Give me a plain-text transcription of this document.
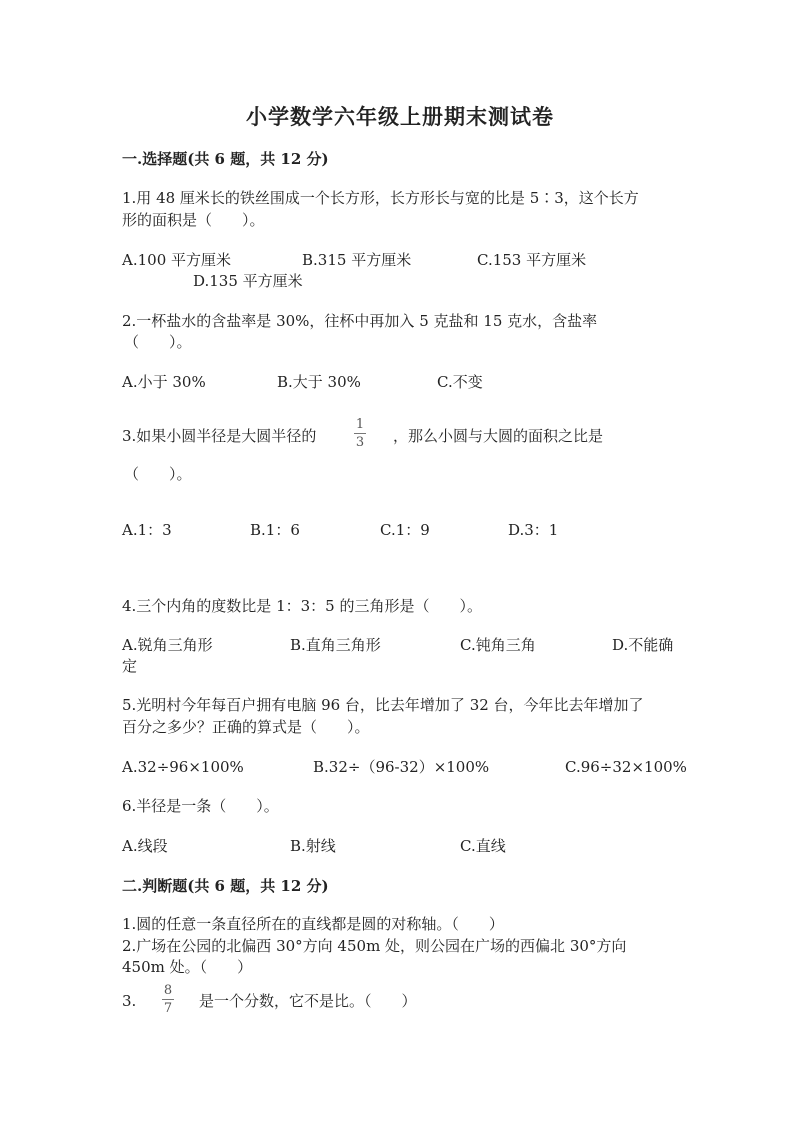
小学数学六年级上册期末测试卷
一.选择题(共 6 题，共 12 分)
1.用 48 厘米长的铁丝围成一个长方形，长方形长与宽的比是 5∶3，这个长方
形的面积是（　　）。
A.100 平方厘米	B.315 平方厘米	C.153 平方厘米
D.135 平方厘米
2.一杯盐水的含盐率是 30%，往杯中再加入 5 克盐和 15 克水，含盐率
（　　）。
A.小于 30%	B.大于 30%	C.不变
3.如果小圆半径是大圆半径的
1
3 ，那么小圆与大圆的面积之比是
（　　）。
A.1：3	B.1：6	C.1：9	D.3：1
4.三个内角的度数比是 1：3：5 的三角形是（　　）。
A.锐角三角形	B.直角三角形	C.钝角三角	D.不能确
定
5.光明村今年每百户拥有电脑 96 台，比去年增加了 32 台，今年比去年增加了
百分之多少？正确的算式是（　　）。
A.32÷96×100%	B.32÷（96-32）×100%	C.96÷32×100%
6.半径是一条（　　）。
A.线段	B.射线	C.直线
二.判断题(共 6 题，共 12 分)
1.圆的任意一条直径所在的直线都是圆的对称轴。（　　）
2.广场在公园的北偏西 30°方向 450m 处，则公园在广场的西偏北 30°方向
450m 处。（　　）
3.
8
7 是一个分数，它不是比。（　　）
